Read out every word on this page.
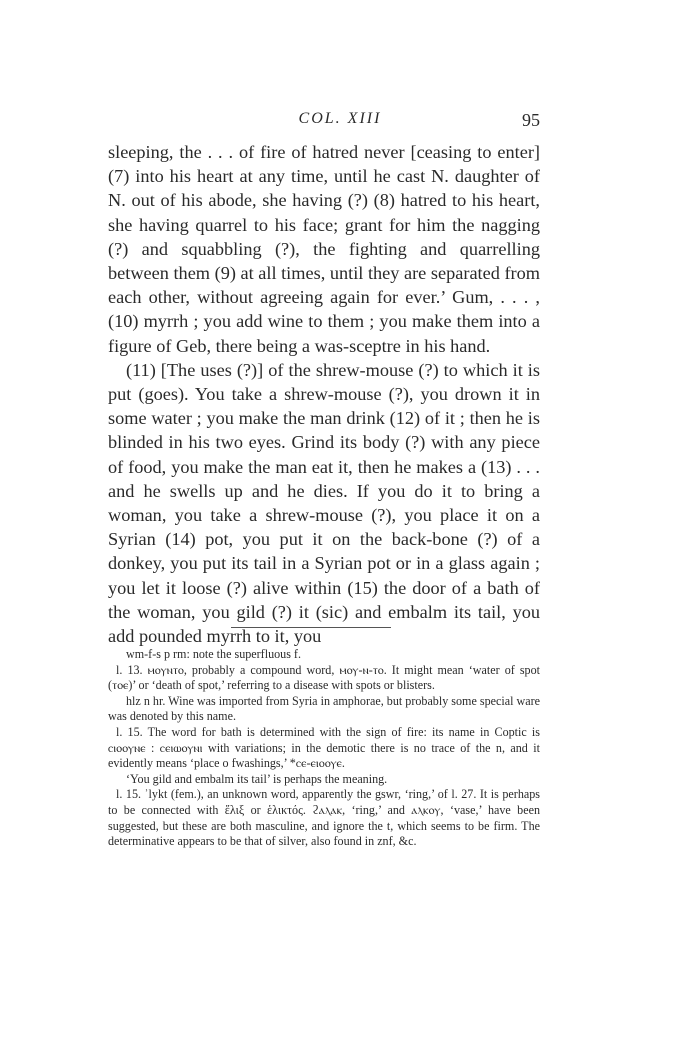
COL. XIII	95

sleeping, the . . . of fire of hatred never [ceasing to enter] (7) into his heart at any time, until he cast N. daughter of N. out of his abode, she having (?) (8) hatred to his heart, she having quarrel to his face; grant for him the nagging (?) and squabbling (?), the fighting and quarrelling between them (9) at all times, until they are separated from each other, without agreeing again for ever.’ Gum, . . . , (10) myrrh ; you add wine to them ; you make them into a figure of Geb, there being a was-sceptre in his hand.

(11) [The uses (?)] of the shrew-mouse (?) to which it is put (goes). You take a shrew-mouse (?), you drown it in some water ; you make the man drink (12) of it ; then he is blinded in his two eyes. Grind its body (?) with any piece of food, you make the man eat it, then he makes a (13) . . . and he swells up and he dies. If you do it to bring a woman, you take a shrew-mouse (?), you place it on a Syrian (14) pot, you put it on the back-bone (?) of a donkey, you put its tail in a Syrian pot or in a glass again ; you let it loose (?) alive within (15) the door of a bath of the woman, you gild (?) it (sic) and embalm its tail, you add pounded myrrh to it, you

wm-f-s p rm: note the superfluous f.

l. 13. ⲙⲟⲩⲛⲧⲟ, probably a compound word, ⲙⲟⲩ-ⲛ-ⲧⲟ. It might mean ‘water of spot (ⲧⲟⲉ)’ or ‘death of spot,’ referring to a disease with spots or blisters.

hlz n hr. Wine was imported from Syria in amphorae, but probably some special ware was denoted by this name.

l. 15. The word for bath is determined with the sign of fire: its name in Coptic is ⲥⲓⲟⲟⲩⲛⲉ : ⲥⲉⲓⲱⲟⲩⲛⲓ with variations; in the demotic there is no trace of the n, and it evidently means ‘place o fwashings,’ *ⲥⲉ-ⲉⲓⲟⲟⲩⲉ.

‘You gild and embalm its tail’ is perhaps the meaning.

l. 15. ʾlykt (fem.), an unknown word, apparently the gswr, ‘ring,’ of l. 27. It is perhaps to be connected with ἕλιξ or ἑλικτός. ϩⲁⲗⲁⲕ, ‘ring,’ and ⲁⲗⲕⲟⲩ, ‘vase,’ have been suggested, but these are both masculine, and ignore the t, which seems to be firm. The determinative appears to be that of silver, also found in znf, &c.
